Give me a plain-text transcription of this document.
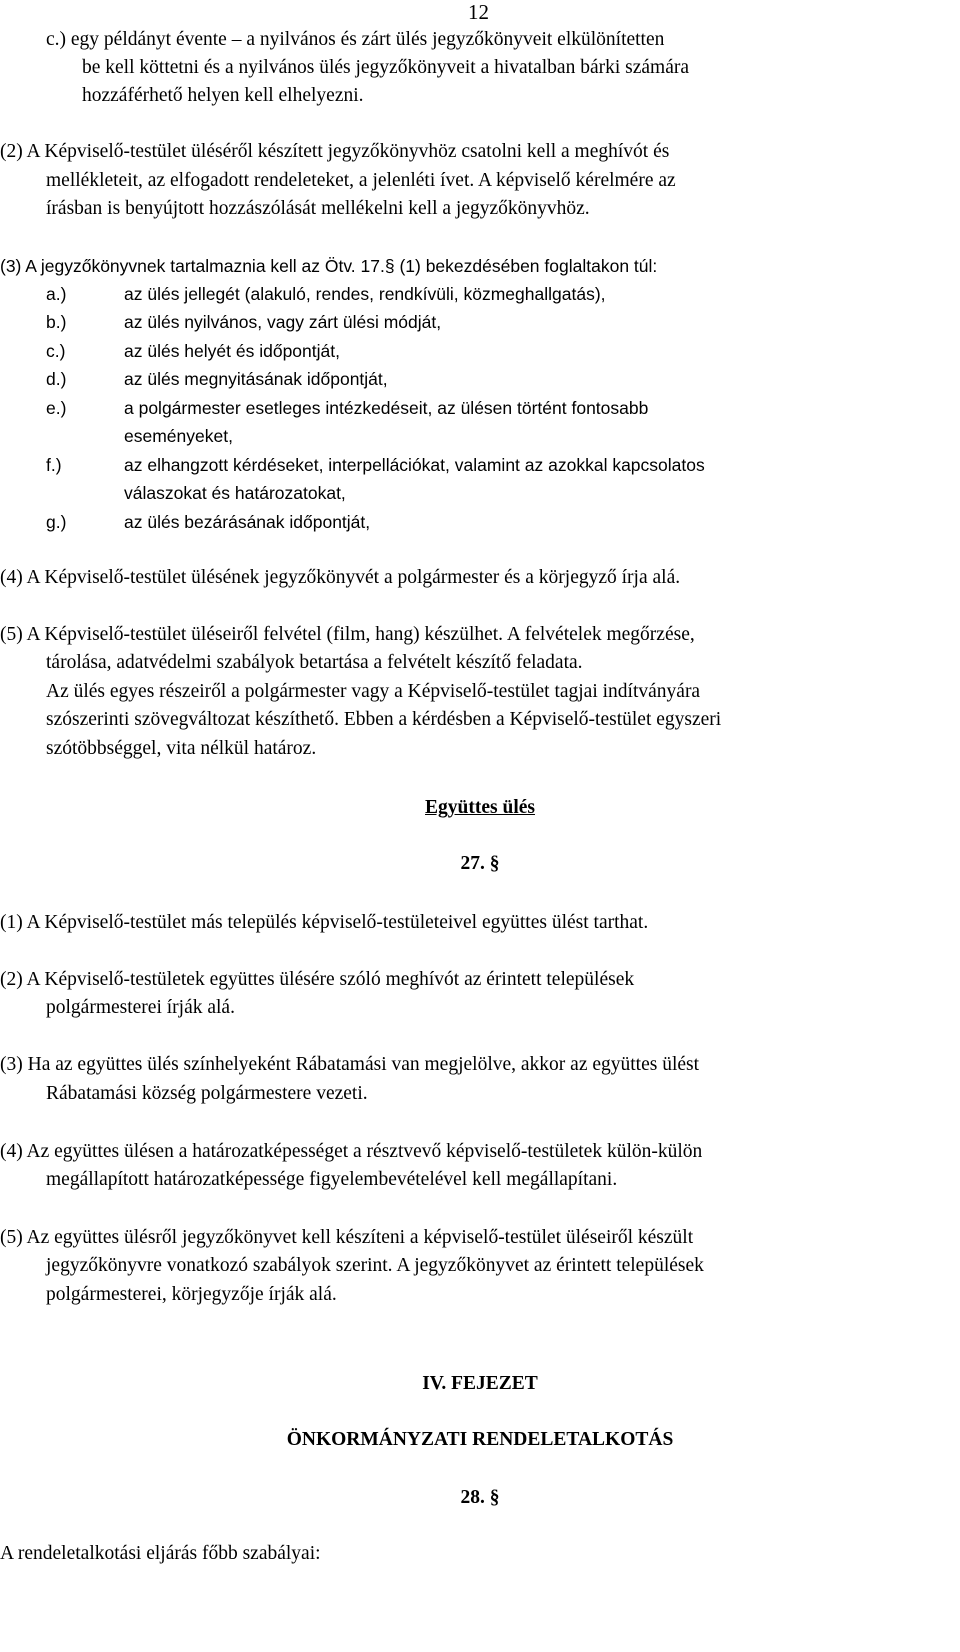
12
c.) egy példányt évente – a nyilvános és zárt ülés jegyzőkönyveit elkülönítetten
be kell köttetni és a nyilvános ülés jegyzőkönyveit a hivatalban bárki számára
hozzáférhető helyen kell elhelyezni.
(2) A Képviselő-testület üléséről készített jegyzőkönyvhöz csatolni kell a meghívót és
mellékleteit, az elfogadott rendeleteket, a jelenléti ívet. A képviselő kérelmére az
írásban is benyújtott hozzászólását mellékelni kell a jegyzőkönyvhöz.
(3) A jegyzőkönyvnek tartalmaznia kell az Ötv. 17.§ (1) bekezdésében foglaltakon túl:
a.)	az ülés jellegét (alakuló, rendes, rendkívüli, közmeghallgatás),
b.)	az ülés nyilvános, vagy zárt ülési módját,
c.)	az ülés helyét és időpontját,
d.)	az ülés megnyitásának időpontját,
e.)	a polgármester esetleges intézkedéseit, az ülésen történt fontosabb
eseményeket,
f.)	az elhangzott kérdéseket, interpellációkat, valamint az azokkal kapcsolatos
válaszokat és határozatokat,
g.)	az ülés bezárásának időpontját,
(4) A Képviselő-testület ülésének jegyzőkönyvét a polgármester és a körjegyző írja alá.
(5) A Képviselő-testület üléseiről felvétel (film, hang) készülhet. A felvételek megőrzése,
tárolása, adatvédelmi szabályok betartása a felvételt készítő feladata.
Az ülés egyes részeiről a polgármester vagy a Képviselő-testület tagjai indítványára
szószerinti szövegváltozat készíthető. Ebben a kérdésben a Képviselő-testület egyszeri
szótöbbséggel, vita nélkül határoz.
Együttes ülés
27. §
(1) A Képviselő-testület más település képviselő-testületeivel együttes ülést tarthat.
(2) A Képviselő-testületek együttes ülésére szóló meghívót az érintett települések
polgármesterei írják alá.
(3) Ha az együttes ülés színhelyeként Rábatamási van megjelölve, akkor az együttes ülést
Rábatamási község polgármestere vezeti.
(4) Az együttes ülésen a határozatképességet a résztvevő képviselő-testületek külön-külön
megállapított határozatképessége figyelembevételével kell megállapítani.
(5) Az együttes ülésről jegyzőkönyvet kell készíteni a képviselő-testület üléseiről készült
jegyzőkönyvre vonatkozó szabályok szerint. A jegyzőkönyvet az érintett települések
polgármesterei, körjegyzője írják alá.
IV. FEJEZET
ÖNKORMÁNYZATI RENDELETALKOTÁS
28. §
A rendeletalkotási eljárás főbb szabályai:
